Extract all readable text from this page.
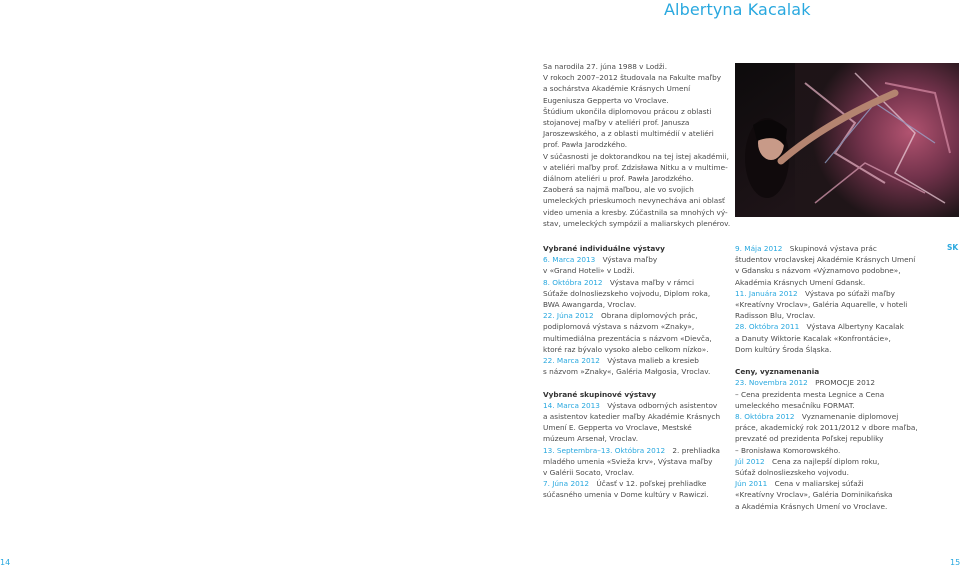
Albertyna Kacalak
Sa narodila 27. júna 1988 v Lodži.
V rokoch 2007–2012 študovala na Fakulte maľby
a sochárstva Akadémie Krásnych Umení
Eugeniusza Gepperta vo Vroclave.
Štúdium ukončila diplomovou prácou z oblasti
stojanovej maľby v ateliéri prof. Janusza
Jaroszewského, a z oblasti multimédií v ateliéri
prof. Pawła Jarodzkého.
V súčasnosti je doktorandkou na tej istej akadémii,
v ateliéri maľby prof. Zdzisława Nitku a v multime-
diálnom ateliéri u prof. Pawła Jarodzkého.
Zaoberá sa najmä maľbou, ale vo svojich
umeleckých prieskumoch nevynecháva ani oblasť
video umenia a kresby. Zúčastnila sa mnohých vý-
stav, umeleckých sympózií a maliarskych plenérov.
Vybrané individuálne výstavy
6. Marca 2013  Výstava maľby
v «Grand Hoteli» v Lodži.
8. Októbra 2012  Výstava maľby v rámci
Súťaže dolnosliezskeho vojvodu, Diplom roka,
BWA Awangarda, Vroclav.
22. Júna 2012  Obrana diplomových prác,
podiplomová výstava s názvom «Znaky»,
multimediálna prezentácia s názvom «Dievča,
ktoré raz bývalo vysoko alebo celkom nízko».
22. Marca 2012  Výstava malieb a kresieb
s názvom »Znaky«, Galéria Małgosia, Vroclav.
Vybrané skupinové výstavy
14. Marca 2013  Výstava odborných asistentov
a asistentov katedier maľby Akadémie Krásnych
Umení E. Gepperta vo Vroclave, Mestské
múzeum Arsenał, Vroclav.
13. Septembra–13. Októbra 2012  2. prehliadka
mladého umenia «Svieža krv», Výstava maľby
v Galérii Socato, Vroclav.
7. Júna 2012  Účasť v 12. poľskej prehliadke
súčasného umenia v Dome kultúry v Rawiczi.
9. Mája 2012  Skupinová výstava prác
študentov vroclavskej Akadémie Krásnych Umení
v Gdansku s názvom «Významovo podobne»,
Akadémia Krásnych Umení Gdansk.
11. Januára 2012  Výstava po súťaži maľby
«Kreatívny Vroclav», Galéria Aquarelle, v hoteli
Radisson Blu, Vroclav.
28. Októbra 2011  Výstava Albertyny Kacalak
a Danuty Wiktorie Kacalak «Konfrontácie»,
Dom kultúry Środa Śląska.
Ceny, vyznamenania
23. Novembra 2012  PROMOCJE 2012
– Cena prezidenta mesta Legnice a Cena
umeleckého mesačníku FORMAT.
8. Októbra 2012  Vyznamenanie diplomovej
práce, akademický rok 2011/2012 v dbore maľba,
prevzaté od prezidenta Poľskej republiky
– Bronisława Komorowského.
Júl 2012  Cena za najlepší diplom roku,
Súťaž dolnosliezskeho vojvodu.
Jún 2011  Cena v maliarskej súťaži
«Kreatívny Vroclav», Galéria Dominikańska
a Akadémia Krásnych Umení vo Vroclave.
SK
14	15
